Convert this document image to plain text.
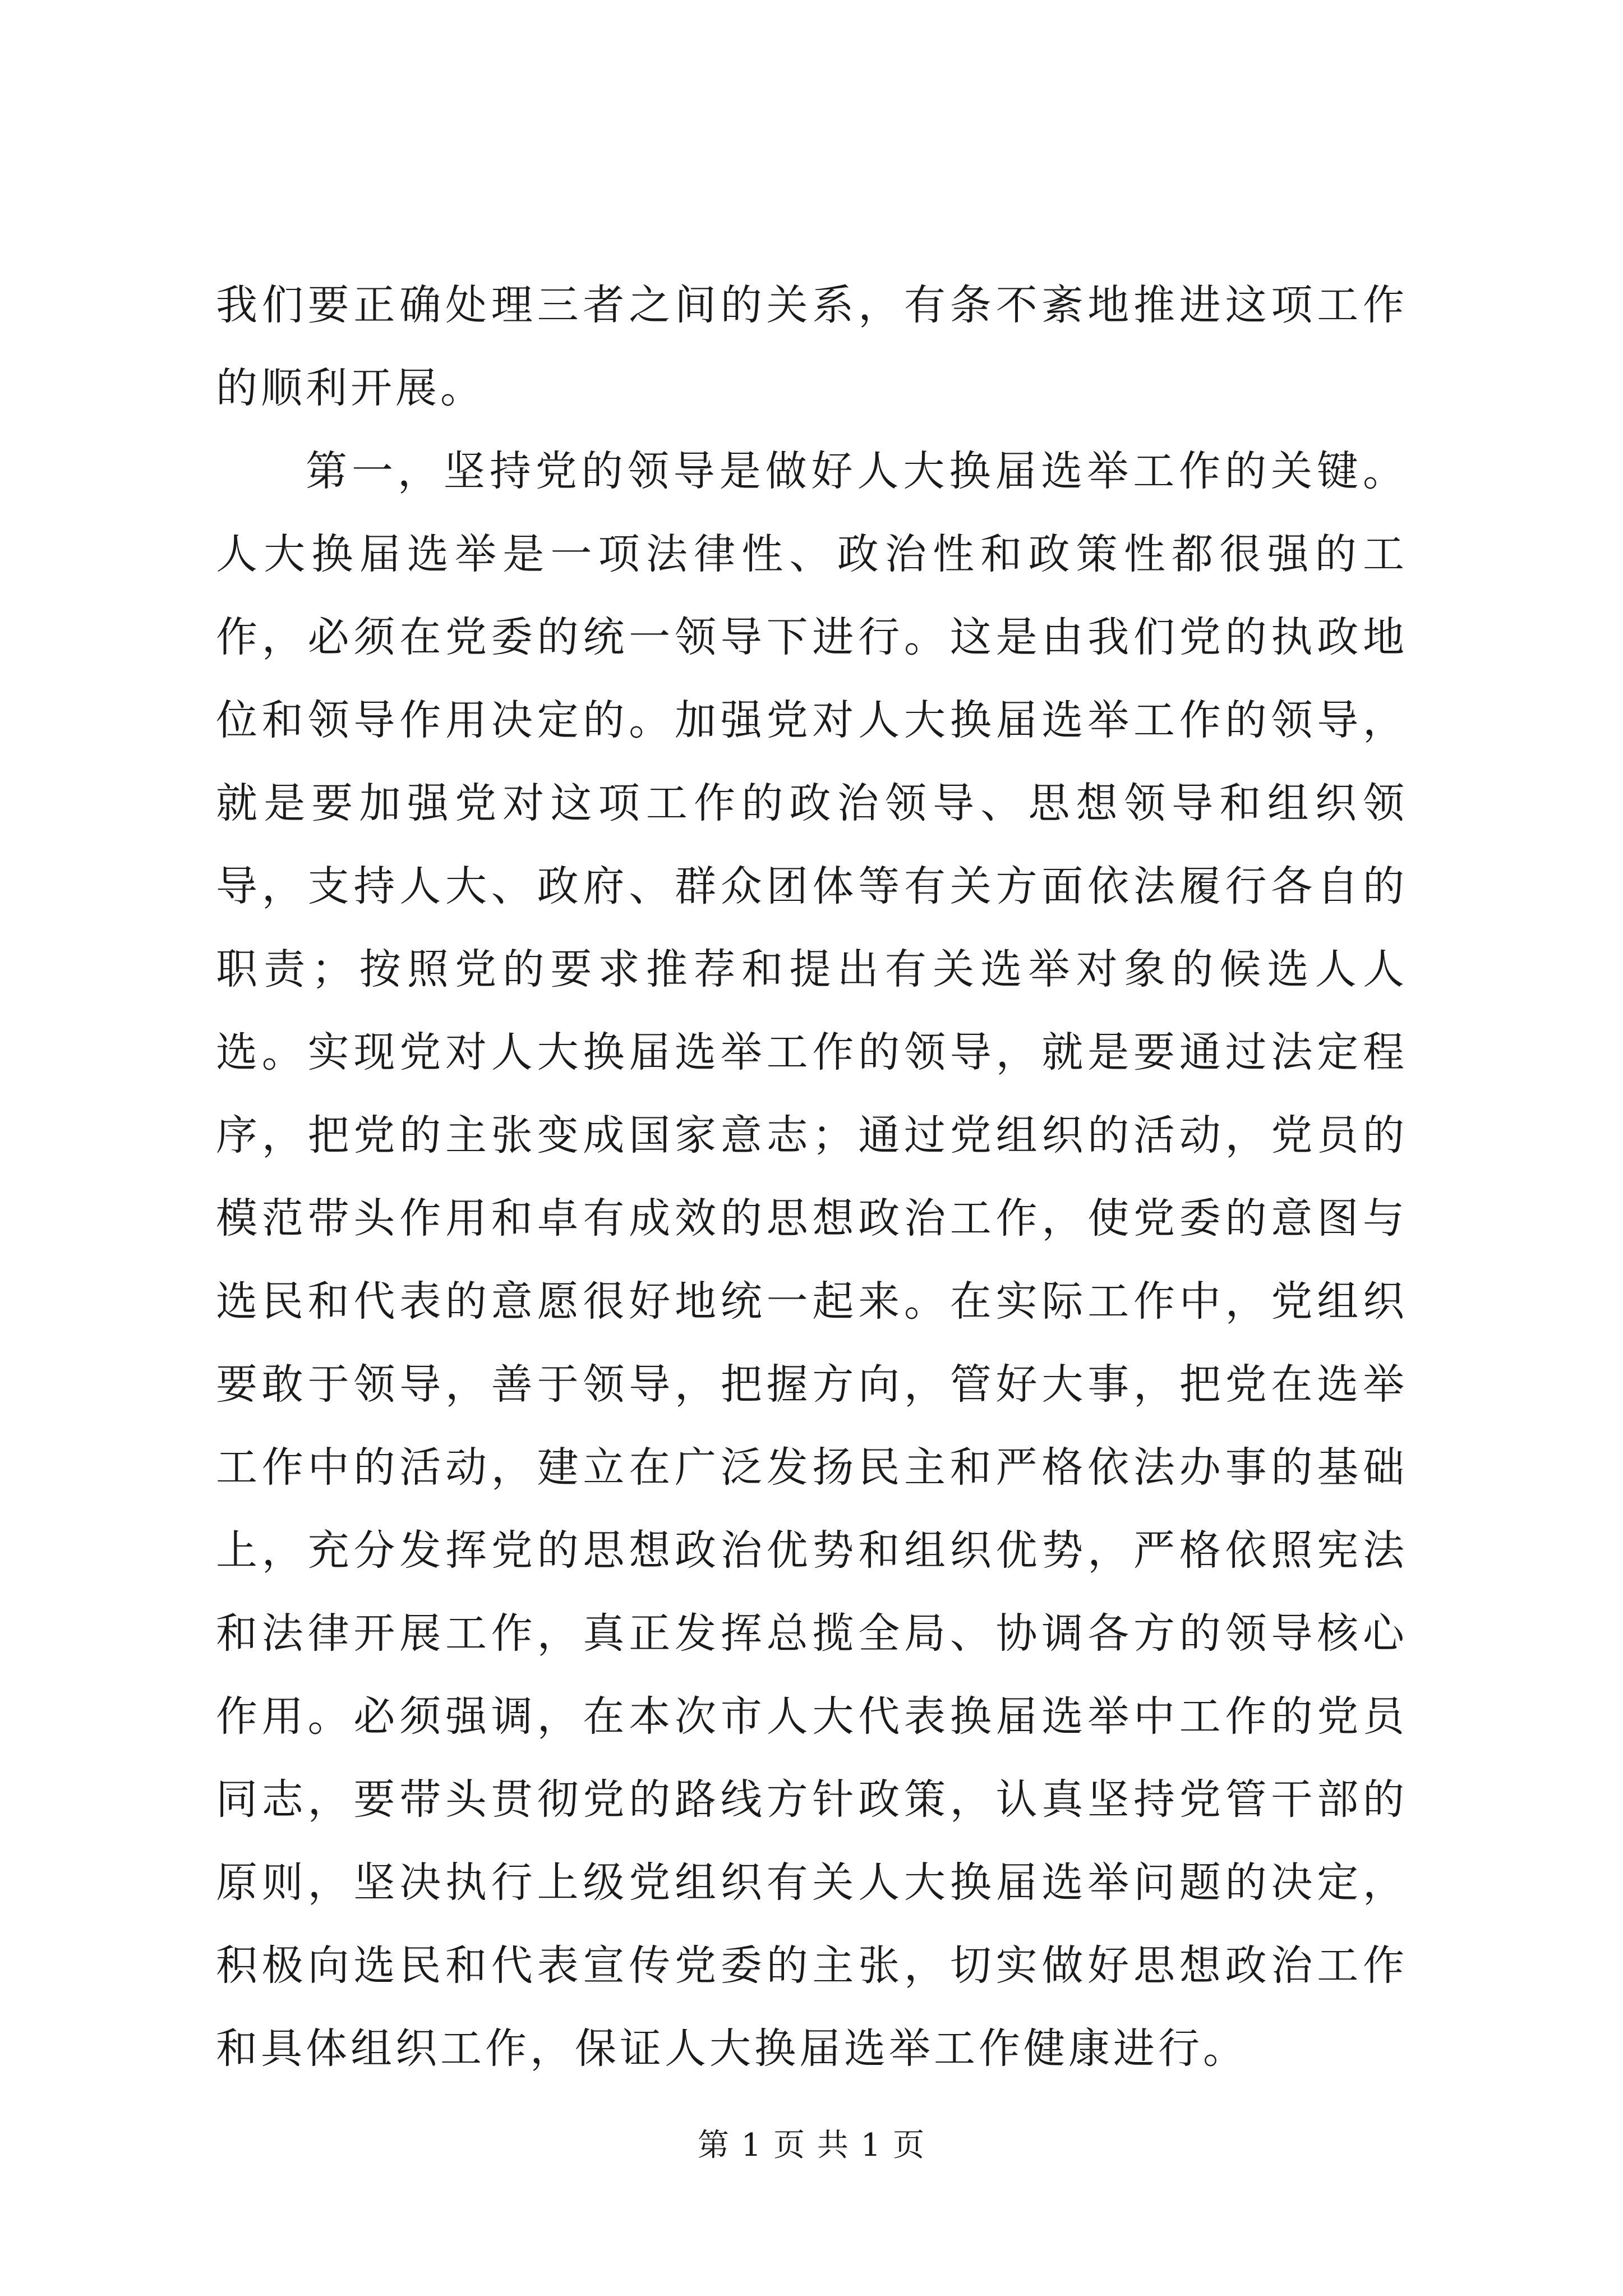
我们要正确处理三者之间的关系，有条不紊地推进这项工作的顺利开展。

第一，坚持党的领导是做好人大换届选举工作的关键。人大换届选举是一项法律性、政治性和政策性都很强的工作，必须在党委的统一领导下进行。这是由我们党的执政地位和领导作用决定的。加强党对人大换届选举工作的领导，就是要加强党对这项工作的政治领导、思想领导和组织领导，支持人大、政府、群众团体等有关方面依法履行各自的职责；按照党的要求推荐和提出有关选举对象的候选人人选。实现党对人大换届选举工作的领导，就是要通过法定程序，把党的主张变成国家意志；通过党组织的活动，党员的模范带头作用和卓有成效的思想政治工作，使党委的意图与选民和代表的意愿很好地统一起来。在实际工作中，党组织要敢于领导，善于领导，把握方向，管好大事，把党在选举工作中的活动，建立在广泛发扬民主和严格依法办事的基础上，充分发挥党的思想政治优势和组织优势，严格依照宪法和法律开展工作，真正发挥总揽全局、协调各方的领导核心作用。必须强调，在本次市人大代表换届选举中工作的党员同志，要带头贯彻党的路线方针政策，认真坚持党管干部的原则，坚决执行上级党组织有关人大换届选举问题的决定，积极向选民和代表宣传党委的主张，切实做好思想政治工作和具体组织工作，保证人大换届选举工作健康进行。

第 1 页 共 1 页
